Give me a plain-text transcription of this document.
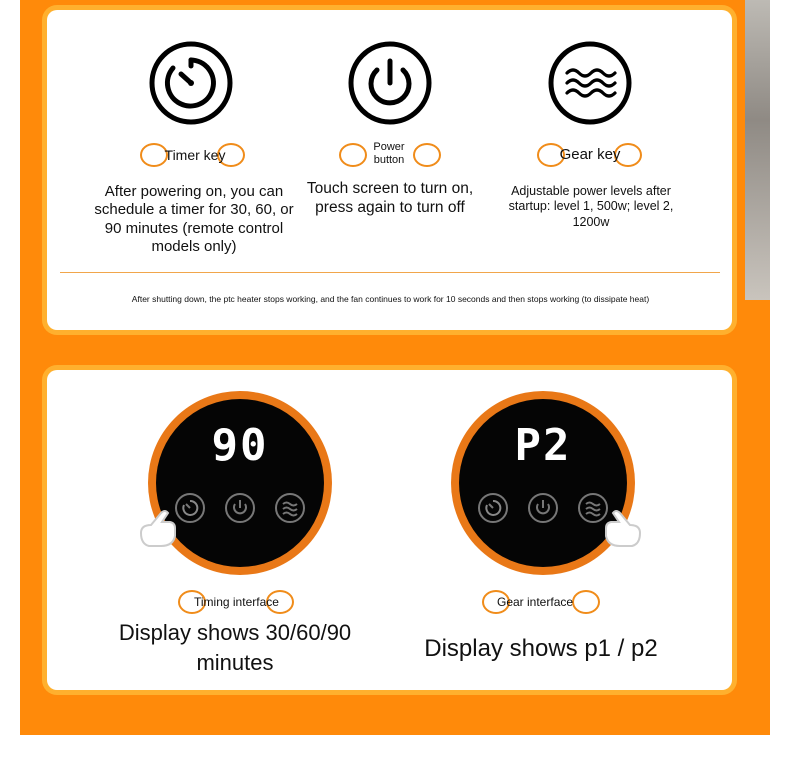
Timer key
After powering on, you can schedule a timer for 30, 60, or 90 minutes (remote control models only)
Power button
Touch screen to turn on, press again to turn off
Gear key
Adjustable power levels after startup: level 1, 500w; level 2, 1200w
After shutting down, the ptc heater stops working, and the fan continues to work for 10 seconds and then stops working (to dissipate heat)
90
Timing interface
Display shows 30/60/90 minutes
P2
Gear interface
Display shows p1 / p2
